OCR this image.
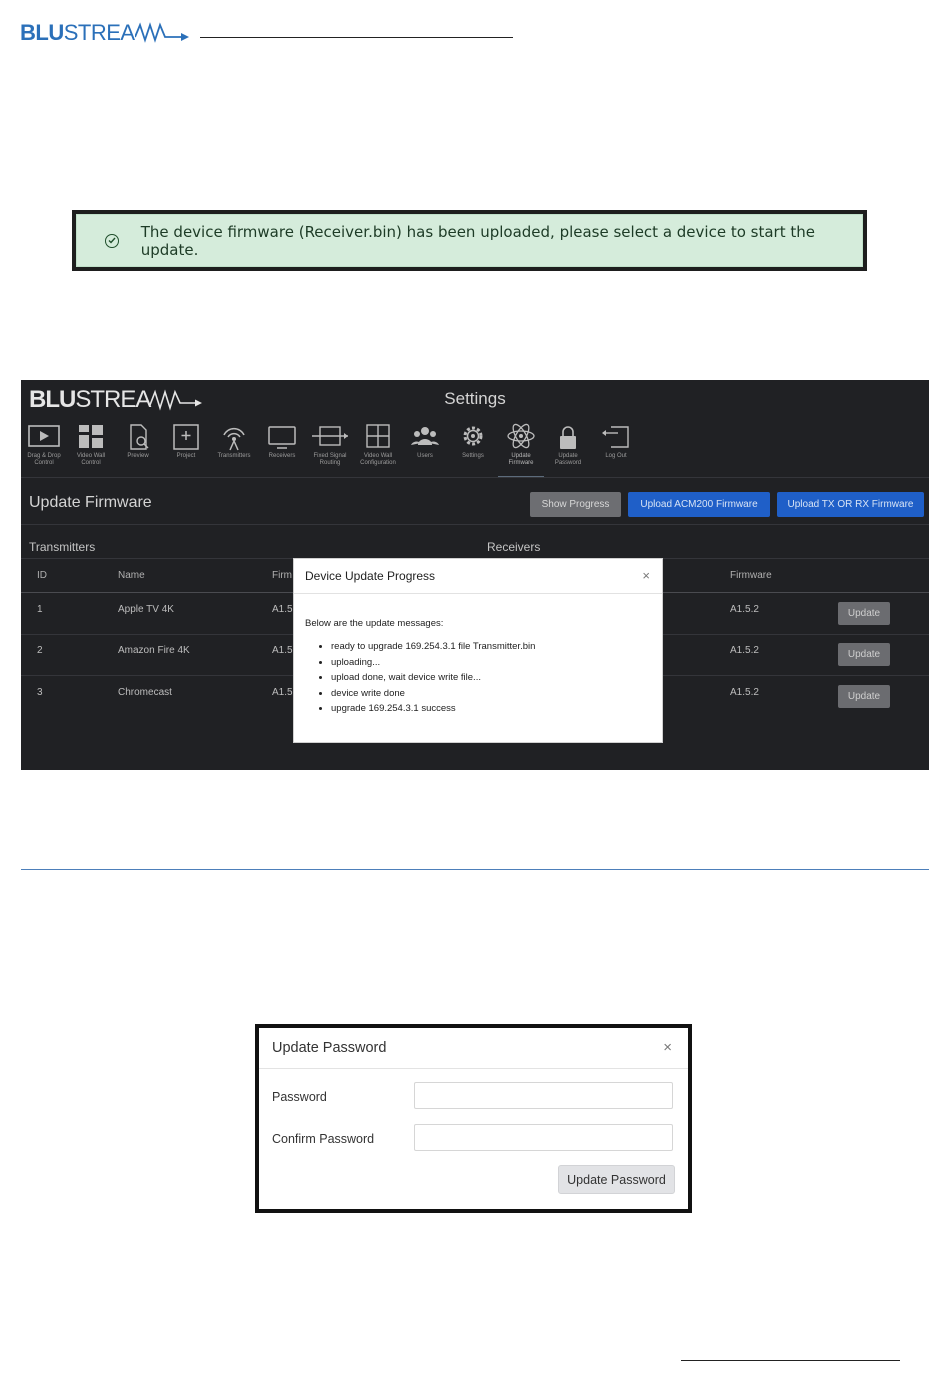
BLU STREA
The device firmware (Receiver.bin) has been uploaded, please select a device to start the update.
BLU STREA	Settings
Drag & Drop
Control
Video Wall
Control
Preview	Project	Transmitters	Receivers	Fixed Signal
Routing
Video Wall
Configuration
Users	Settings	Update
Firmware
Update
Password
Log Out
Update Firmware	Show Progress	Upload ACM200 Firmware	Upload TX OR RX Firmware
Transmitters	Receivers
ID	Name	Firm	Firmware
1	Apple TV 4K	A1.5	A1.5.2	Update
2	Amazon Fire 4K	A1.5	A1.5.2	Update
3	Chromecast	A1.5	A1.5.2	Update
Device Update Progress	×
Below are the update messages:
• ready to upgrade 169.254.3.1 file Transmitter.bin
• uploading...
• upload done, wait device write file...
• device write done
• upgrade 169.254.3.1 success
Update Password	×
Password
Confirm Password
Update Password
